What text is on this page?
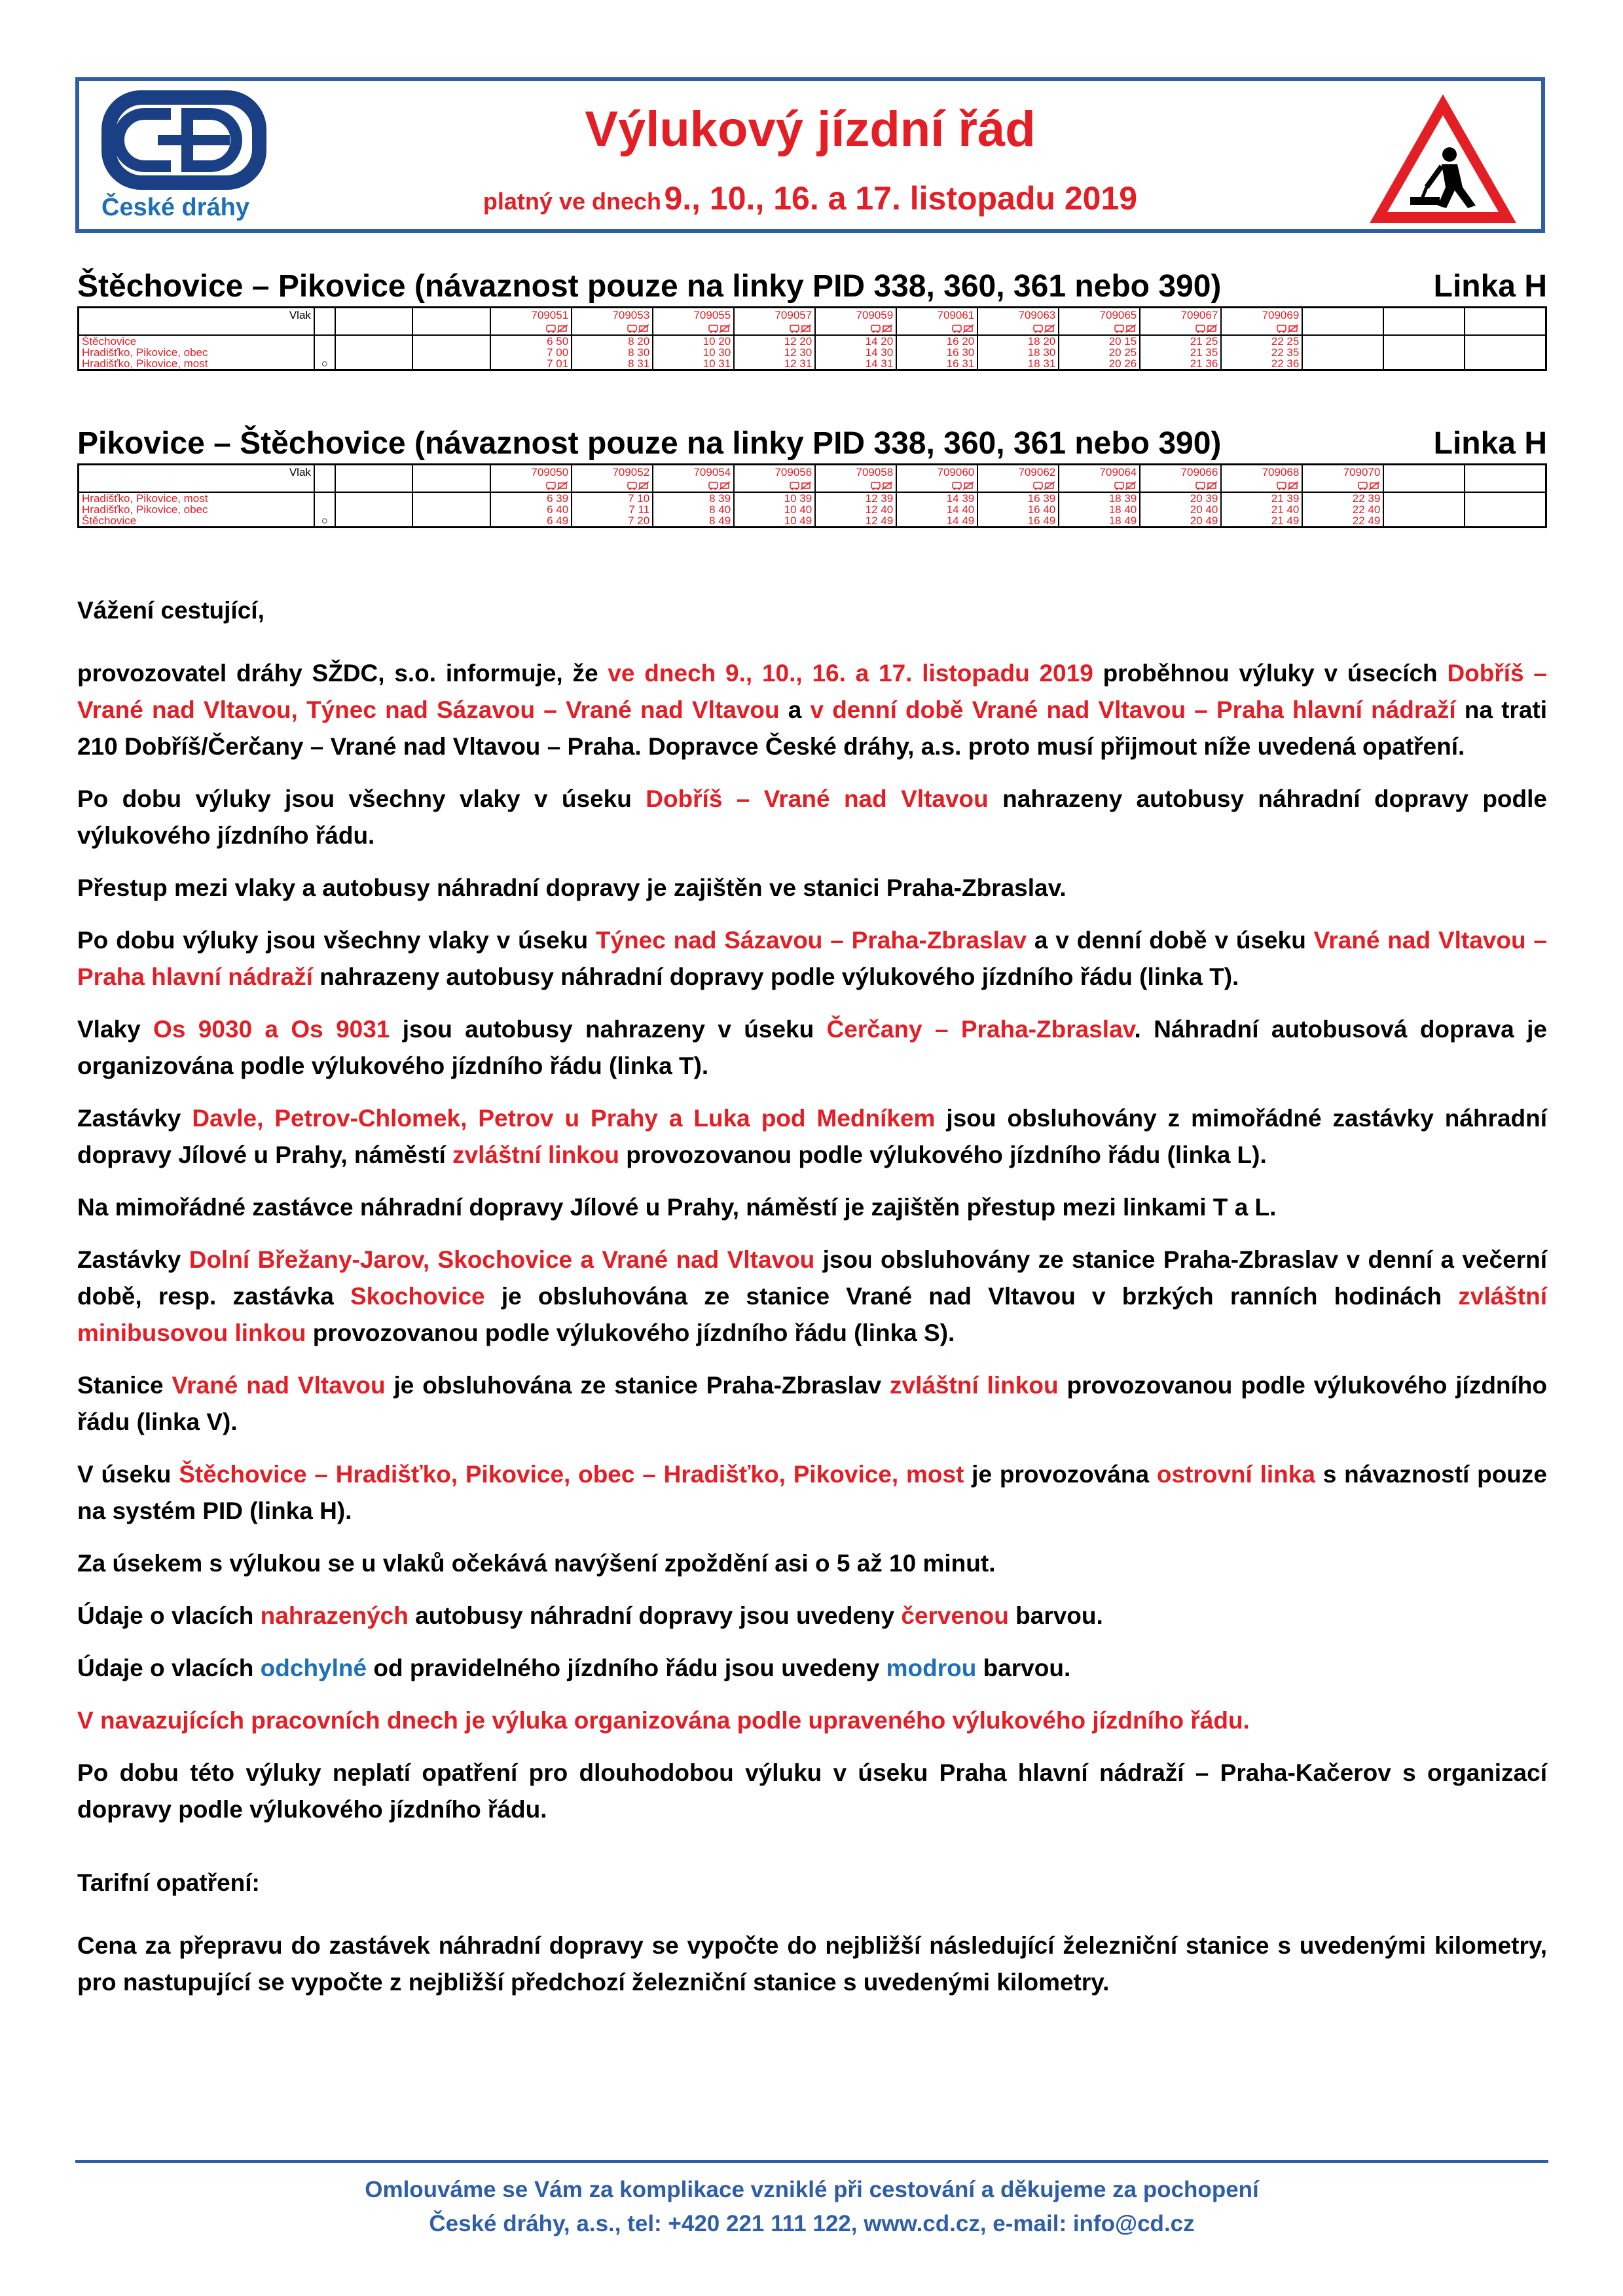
České dráhy
Výlukový jízdní řád
platný ve dnech 9., 10., 16. a 17. listopadu 2019
Štěchovice – Pikovice (návaznost pouze na linky PID 338, 360, 361 nebo 390)	Linka H
Vlak				709051	709053	709055	709057	709059	709061	709063	709065	709067	709069			

Štěchovice				6 50	8 20	10 20	12 20	14 20	16 20	18 20	20 15	21 25	22 25			
Hradišťko, Pikovice, obec				7 00	8 30	10 30	12 30	14 30	16 30	18 30	20 25	21 35	22 35			
Hradišťko, Pikovice, most	○			7 01	8 31	10 31	12 31	14 31	16 31	18 31	20 26	21 36	22 36			
Pikovice – Štěchovice (návaznost pouze na linky PID 338, 360, 361 nebo 390)	Linka H
Vlak				709050	709052	709054	709056	709058	709060	709062	709064	709066	709068	709070		

Hradišťko, Pikovice, most				6 39	7 10	8 39	10 39	12 39	14 39	16 39	18 39	20 39	21 39	22 39		
Hradišťko, Pikovice, obec				6 40	7 11	8 40	10 40	12 40	14 40	16 40	18 40	20 40	21 40	22 40		
Štěchovice	○			6 49	7 20	8 49	10 49	12 49	14 49	16 49	18 49	20 49	21 49	22 49		

Vážení cestující,

provozovatel dráhy SŽDC, s.o. informuje, že ve dnech 9., 10., 16. a 17. listopadu 2019 proběhnou výluky v úsecích Dobříš – Vrané nad Vltavou, Týnec nad Sázavou – Vrané nad Vltavou a v denní době Vrané nad Vltavou – Praha hlavní nádraží na trati 210 Dobříš/Čerčany – Vrané nad Vltavou – Praha. Dopravce České dráhy, a.s. proto musí přijmout níže uvedená opatření.

Po dobu výluky jsou všechny vlaky v úseku Dobříš – Vrané nad Vltavou nahrazeny autobusy náhradní dopravy podle výlukového jízdního řádu.

Přestup mezi vlaky a autobusy náhradní dopravy je zajištěn ve stanici Praha-Zbraslav.

Po dobu výluky jsou všechny vlaky v úseku Týnec nad Sázavou – Praha-Zbraslav a v denní době v úseku Vrané nad Vltavou – Praha hlavní nádraží nahrazeny autobusy náhradní dopravy podle výlukového jízdního řádu (linka T).

Vlaky Os 9030 a Os 9031 jsou autobusy nahrazeny v úseku Čerčany – Praha-Zbraslav. Náhradní autobusová doprava je organizována podle výlukového jízdního řádu (linka T).

Zastávky Davle, Petrov-Chlomek, Petrov u Prahy a Luka pod Medníkem jsou obsluhovány z mimořádné zastávky náhradní dopravy Jílové u Prahy, náměstí zvláštní linkou provozovanou podle výlukového jízdního řádu (linka L).

Na mimořádné zastávce náhradní dopravy Jílové u Prahy, náměstí je zajištěn přestup mezi linkami T a L.

Zastávky Dolní Břežany-Jarov, Skochovice a Vrané nad Vltavou jsou obsluhovány ze stanice Praha-Zbraslav v denní a večerní době, resp. zastávka Skochovice je obsluhována ze stanice Vrané nad Vltavou v brzkých ranních hodinách zvláštní minibusovou linkou provozovanou podle výlukového jízdního řádu (linka S).

Stanice Vrané nad Vltavou je obsluhována ze stanice Praha-Zbraslav zvláštní linkou provozovanou podle výlukového jízdního řádu (linka V).

V úseku Štěchovice – Hradišťko, Pikovice, obec – Hradišťko, Pikovice, most je provozována ostrovní linka s návazností pouze na systém PID (linka H).

Za úsekem s výlukou se u vlaků očekává navýšení zpoždění asi o 5 až 10 minut.

Údaje o vlacích nahrazených autobusy náhradní dopravy jsou uvedeny červenou barvou.

Údaje o vlacích odchylné od pravidelného jízdního řádu jsou uvedeny modrou barvou.

V navazujících pracovních dnech je výluka organizována podle upraveného výlukového jízdního řádu.

Po dobu této výluky neplatí opatření pro dlouhodobou výluku v úseku Praha hlavní nádraží – Praha-Kačerov s organizací dopravy podle výlukového jízdního řádu.

Tarifní opatření:

Cena za přepravu do zastávek náhradní dopravy se vypočte do nejbližší následující železniční stanice s uvedenými kilometry, pro nastupující se vypočte z nejbližší předchozí železniční stanice s uvedenými kilometry.

Omlouváme se Vám za komplikace vzniklé při cestování a děkujeme za pochopení
České dráhy, a.s., tel: +420 221 111 122, www.cd.cz, e-mail: info@cd.cz
